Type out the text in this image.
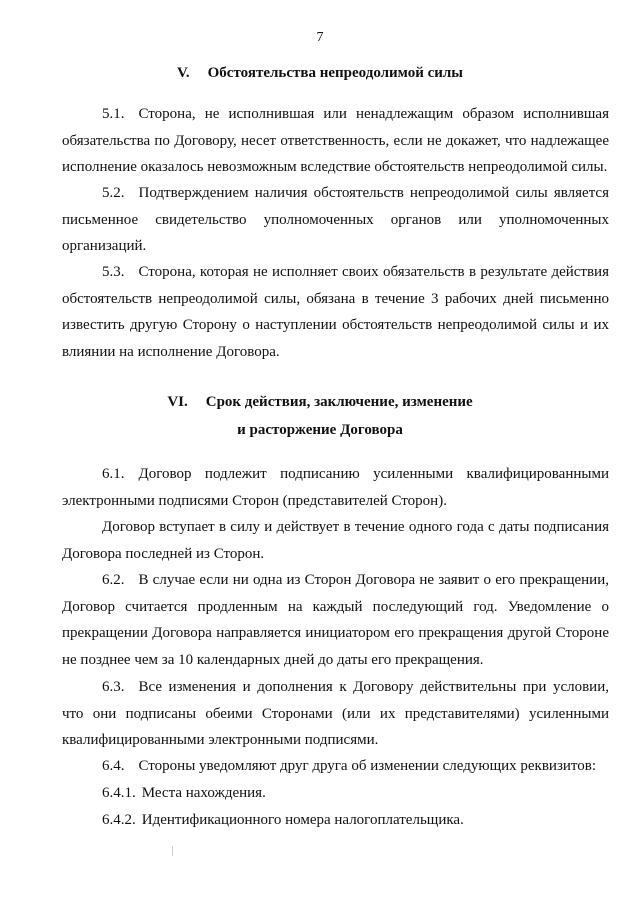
7
V. Обстоятельства непреодолимой силы
5.1. Сторона, не исполнившая или ненадлежащим образом исполнившая обязательства по Договору, несет ответственность, если не докажет, что надлежащее исполнение оказалось невозможным вследствие обстоятельств непреодолимой силы.
5.2. Подтверждением наличия обстоятельств непреодолимой силы является письменное свидетельство уполномоченных органов или уполномоченных организаций.
5.3. Сторона, которая не исполняет своих обязательств в результате действия обстоятельств непреодолимой силы, обязана в течение 3 рабочих дней письменно известить другую Сторону о наступлении обстоятельств непреодолимой силы и их влиянии на исполнение Договора.
VI. Срок действия, заключение, изменение
и расторжение Договора
6.1. Договор подлежит подписанию усиленными квалифицированными электронными подписями Сторон (представителей Сторон).
Договор вступает в силу и действует в течение одного года с даты подписания Договора последней из Сторон.
6.2. В случае если ни одна из Сторон Договора не заявит о его прекращении, Договор считается продленным на каждый последующий год. Уведомление о прекращении Договора направляется инициатором его прекращения другой Стороне не позднее чем за 10 календарных дней до даты его прекращения.
6.3. Все изменения и дополнения к Договору действительны при условии, что они подписаны обеими Сторонами (или их представителями) усиленными квалифицированными электронными подписями.
6.4. Стороны уведомляют друг друга об изменении следующих реквизитов:
6.4.1. Места нахождения.
6.4.2. Идентификационного номера налогоплательщика.
